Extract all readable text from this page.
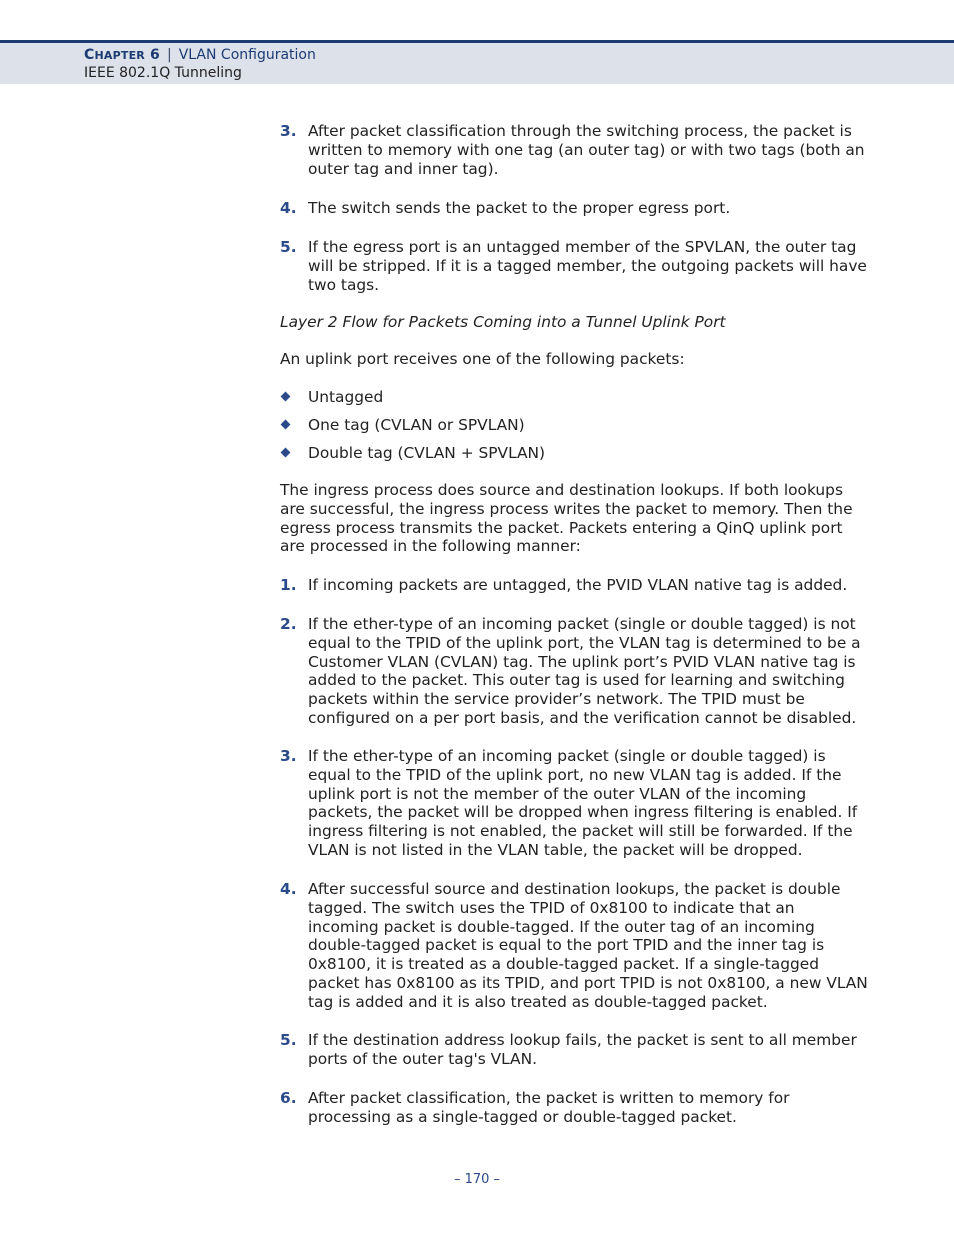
CHAPTER 6 | VLAN Configuration
IEEE 802.1Q Tunneling
3. After packet classification through the switching process, the packet is written to memory with one tag (an outer tag) or with two tags (both an outer tag and inner tag).
4. The switch sends the packet to the proper egress port.
5. If the egress port is an untagged member of the SPVLAN, the outer tag will be stripped. If it is a tagged member, the outgoing packets will have two tags.
Layer 2 Flow for Packets Coming into a Tunnel Uplink Port
An uplink port receives one of the following packets:
Untagged
One tag (CVLAN or SPVLAN)
Double tag (CVLAN + SPVLAN)
The ingress process does source and destination lookups. If both lookups are successful, the ingress process writes the packet to memory. Then the egress process transmits the packet. Packets entering a QinQ uplink port are processed in the following manner:
1. If incoming packets are untagged, the PVID VLAN native tag is added.
2. If the ether-type of an incoming packet (single or double tagged) is not equal to the TPID of the uplink port, the VLAN tag is determined to be a Customer VLAN (CVLAN) tag. The uplink port’s PVID VLAN native tag is added to the packet. This outer tag is used for learning and switching packets within the service provider’s network. The TPID must be configured on a per port basis, and the verification cannot be disabled.
3. If the ether-type of an incoming packet (single or double tagged) is equal to the TPID of the uplink port, no new VLAN tag is added. If the uplink port is not the member of the outer VLAN of the incoming packets, the packet will be dropped when ingress filtering is enabled. If ingress filtering is not enabled, the packet will still be forwarded. If the VLAN is not listed in the VLAN table, the packet will be dropped.
4. After successful source and destination lookups, the packet is double tagged. The switch uses the TPID of 0x8100 to indicate that an incoming packet is double-tagged. If the outer tag of an incoming double-tagged packet is equal to the port TPID and the inner tag is 0x8100, it is treated as a double-tagged packet. If a single-tagged packet has 0x8100 as its TPID, and port TPID is not 0x8100, a new VLAN tag is added and it is also treated as double-tagged packet.
5. If the destination address lookup fails, the packet is sent to all member ports of the outer tag's VLAN.
6. After packet classification, the packet is written to memory for processing as a single-tagged or double-tagged packet.
– 170 –
